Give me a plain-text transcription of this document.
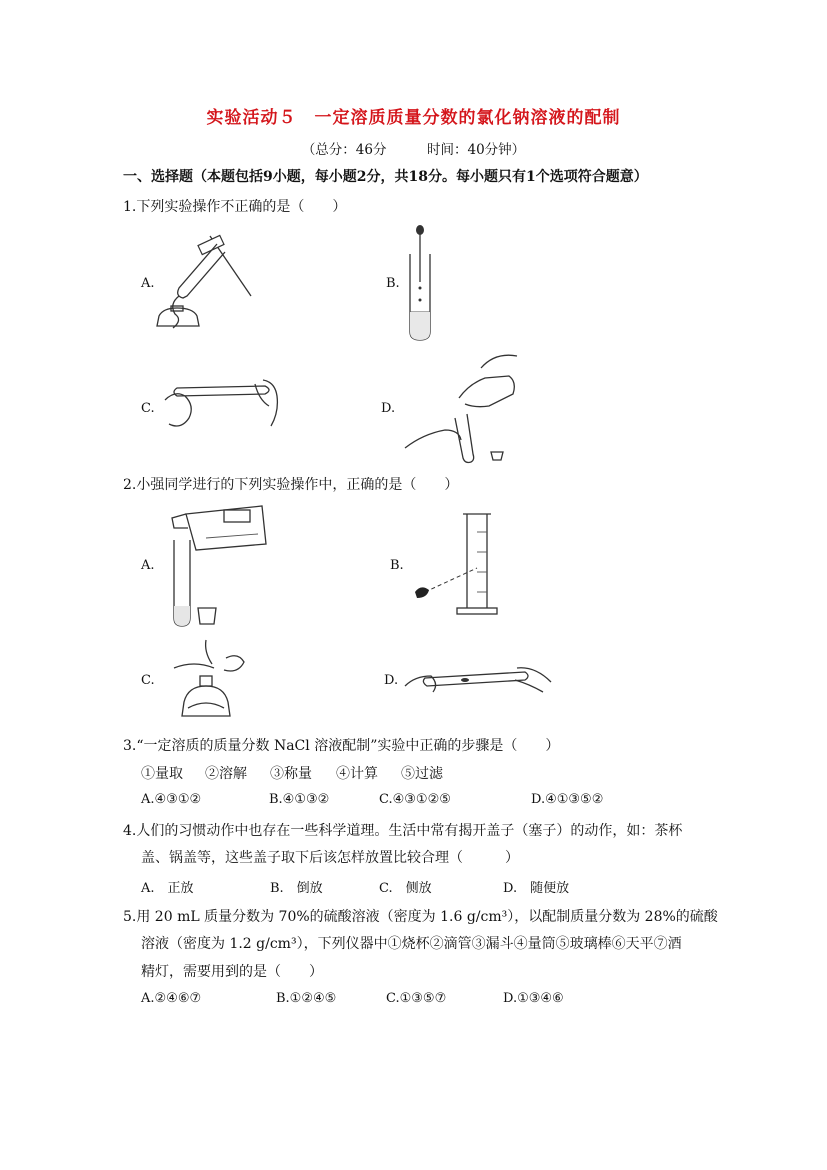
实验活动５　一定溶质质量分数的氯化钠溶液的配制
（总分：46分　　　时间：40分钟）
一、选择题（本题包括9小题，每小题2分，共18分。每小题只有1个选项符合题意）
1.下列实验操作不正确的是（　　）
A.	B.
C.	D.
2.小强同学进行的下列实验操作中，正确的是（　　）
A.	B.
C.	D.
3.“一定溶质的质量分数 NaCl 溶液配制”实验中正确的步骤是（　　）
①量取 ②溶解 ③称量 ④计算 ⑤过滤
A.④③①②	B.④①③②	C.④③①②⑤	D.④①③⑤②
4.人们的习惯动作中也存在一些科学道理。生活中常有揭开盖子（塞子）的动作，如：茶杯
盖、锅盖等，这些盖子取下后该怎样放置比较合理（　　　）
A.　正放	B.　倒放	C.　侧放	D.　随便放
5.用 20 mL 质量分数为 70%的硫酸溶液（密度为 1.6 g/cm³），以配制质量分数为 28%的硫酸
溶液（密度为 1.2 g/cm³），下列仪器中①烧杯②滴管③漏斗④量筒⑤玻璃棒⑥天平⑦酒
精灯，需要用到的是（　　）
A.②④⑥⑦	B.①②④⑤	C.①③⑤⑦	D.①③④⑥
